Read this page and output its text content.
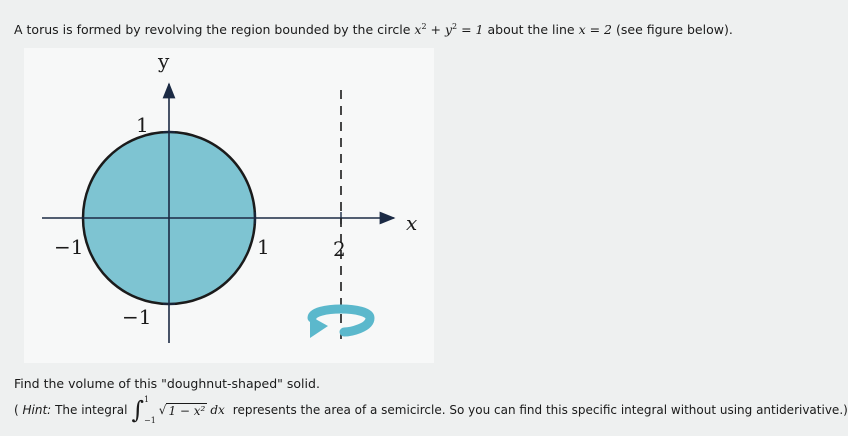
A torus is formed by revolving the region bounded by the circle $x^2 + y^2 = 1$ about the line x = 2 (see figure below).
y
x
1
−1
−1	1	2
Find the volume of this "doughnut-shaped" solid.
(
Hint:
The integral ∫ 1
−1
√ 1 − x² dx represents the area of a semicircle. So you can find this specific integral without using antiderivative.)
